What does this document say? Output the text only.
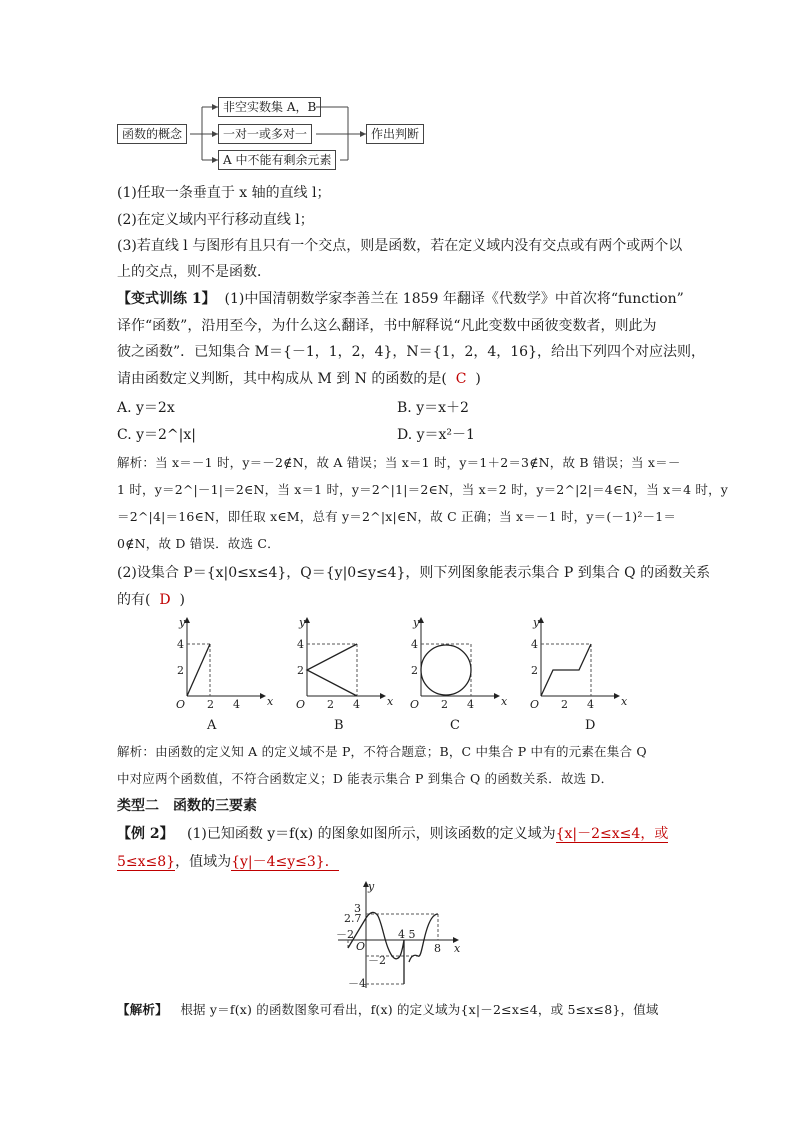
函数的概念
非空实数集 A，B
一对一或多对一
A 中不能有剩余元素
作出判断
(1)任取一条垂直于 x 轴的直线 l；
(2)在定义域内平行移动直线 l；
(3)若直线 l 与图形有且只有一个交点，则是函数，若在定义域内没有交点或有两个或两个以
上的交点，则不是函数．
【变式训练 1】 (1)中国清朝数学家李善兰在 1859 年翻译《代数学》中首次将“function”
译作“函数”，沿用至今，为什么这么翻译，书中解释说“凡此变数中函彼变数者，则此为
彼之函数”．已知集合 M＝{－1，1，2，4}，N＝{1，2，4，16}，给出下列四个对应法则，
请由函数定义判断，其中构成从 M 到 N 的函数的是( C )
A. y＝2x	B. y＝x＋2
C. y＝2^|x|	D. y＝x²－1
解析：当 x＝－1 时，y＝－2∉N，故 A 错误；当 x＝1 时，y＝1＋2＝3∉N，故 B 错误；当 x＝－
1 时，y＝2^|－1|＝2∈N，当 x＝1 时，y＝2^|1|＝2∈N，当 x＝2 时，y＝2^|2|＝4∈N，当 x＝4 时，y
＝2^|4|＝16∈N，即任取 x∈M，总有 y＝2^|x|∈N，故 C 正确；当 x＝－1 时，y＝(－1)²－1＝
0∉N，故 D 错误．故选 C．
(2)设集合 P＝{x|0≤x≤4}，Q＝{y|0≤y≤4}，则下列图象能表示集合 P 到集合 Q 的函数关系
的有( D )
y
x
O
4
2
2 4
y
x
O
4
2
2 4
y
x
O
4
2
2 4
y
x
O
4
2
2 4
A	B	C	D
解析：由函数的定义知 A 的定义域不是 P，不符合题意；B，C 中集合 P 中有的元素在集合 Q
中对应两个函数值，不符合函数定义；D 能表示集合 P 到集合 Q 的函数关系．故选 D．
类型二　函数的三要素
【例 2】 (1)已知函数 y＝f(x) 的图象如图所示，则该函数的定义域为{x|－2≤x≤4，或
5≤x≤8}，值域为{y|－4≤y≤3}．
y
x
O
3
2.7
－2
－2
－4
4 5
8
【解析】 根据 y＝f(x) 的函数图象可看出，f(x) 的定义域为{x|－2≤x≤4，或 5≤x≤8}，值域
